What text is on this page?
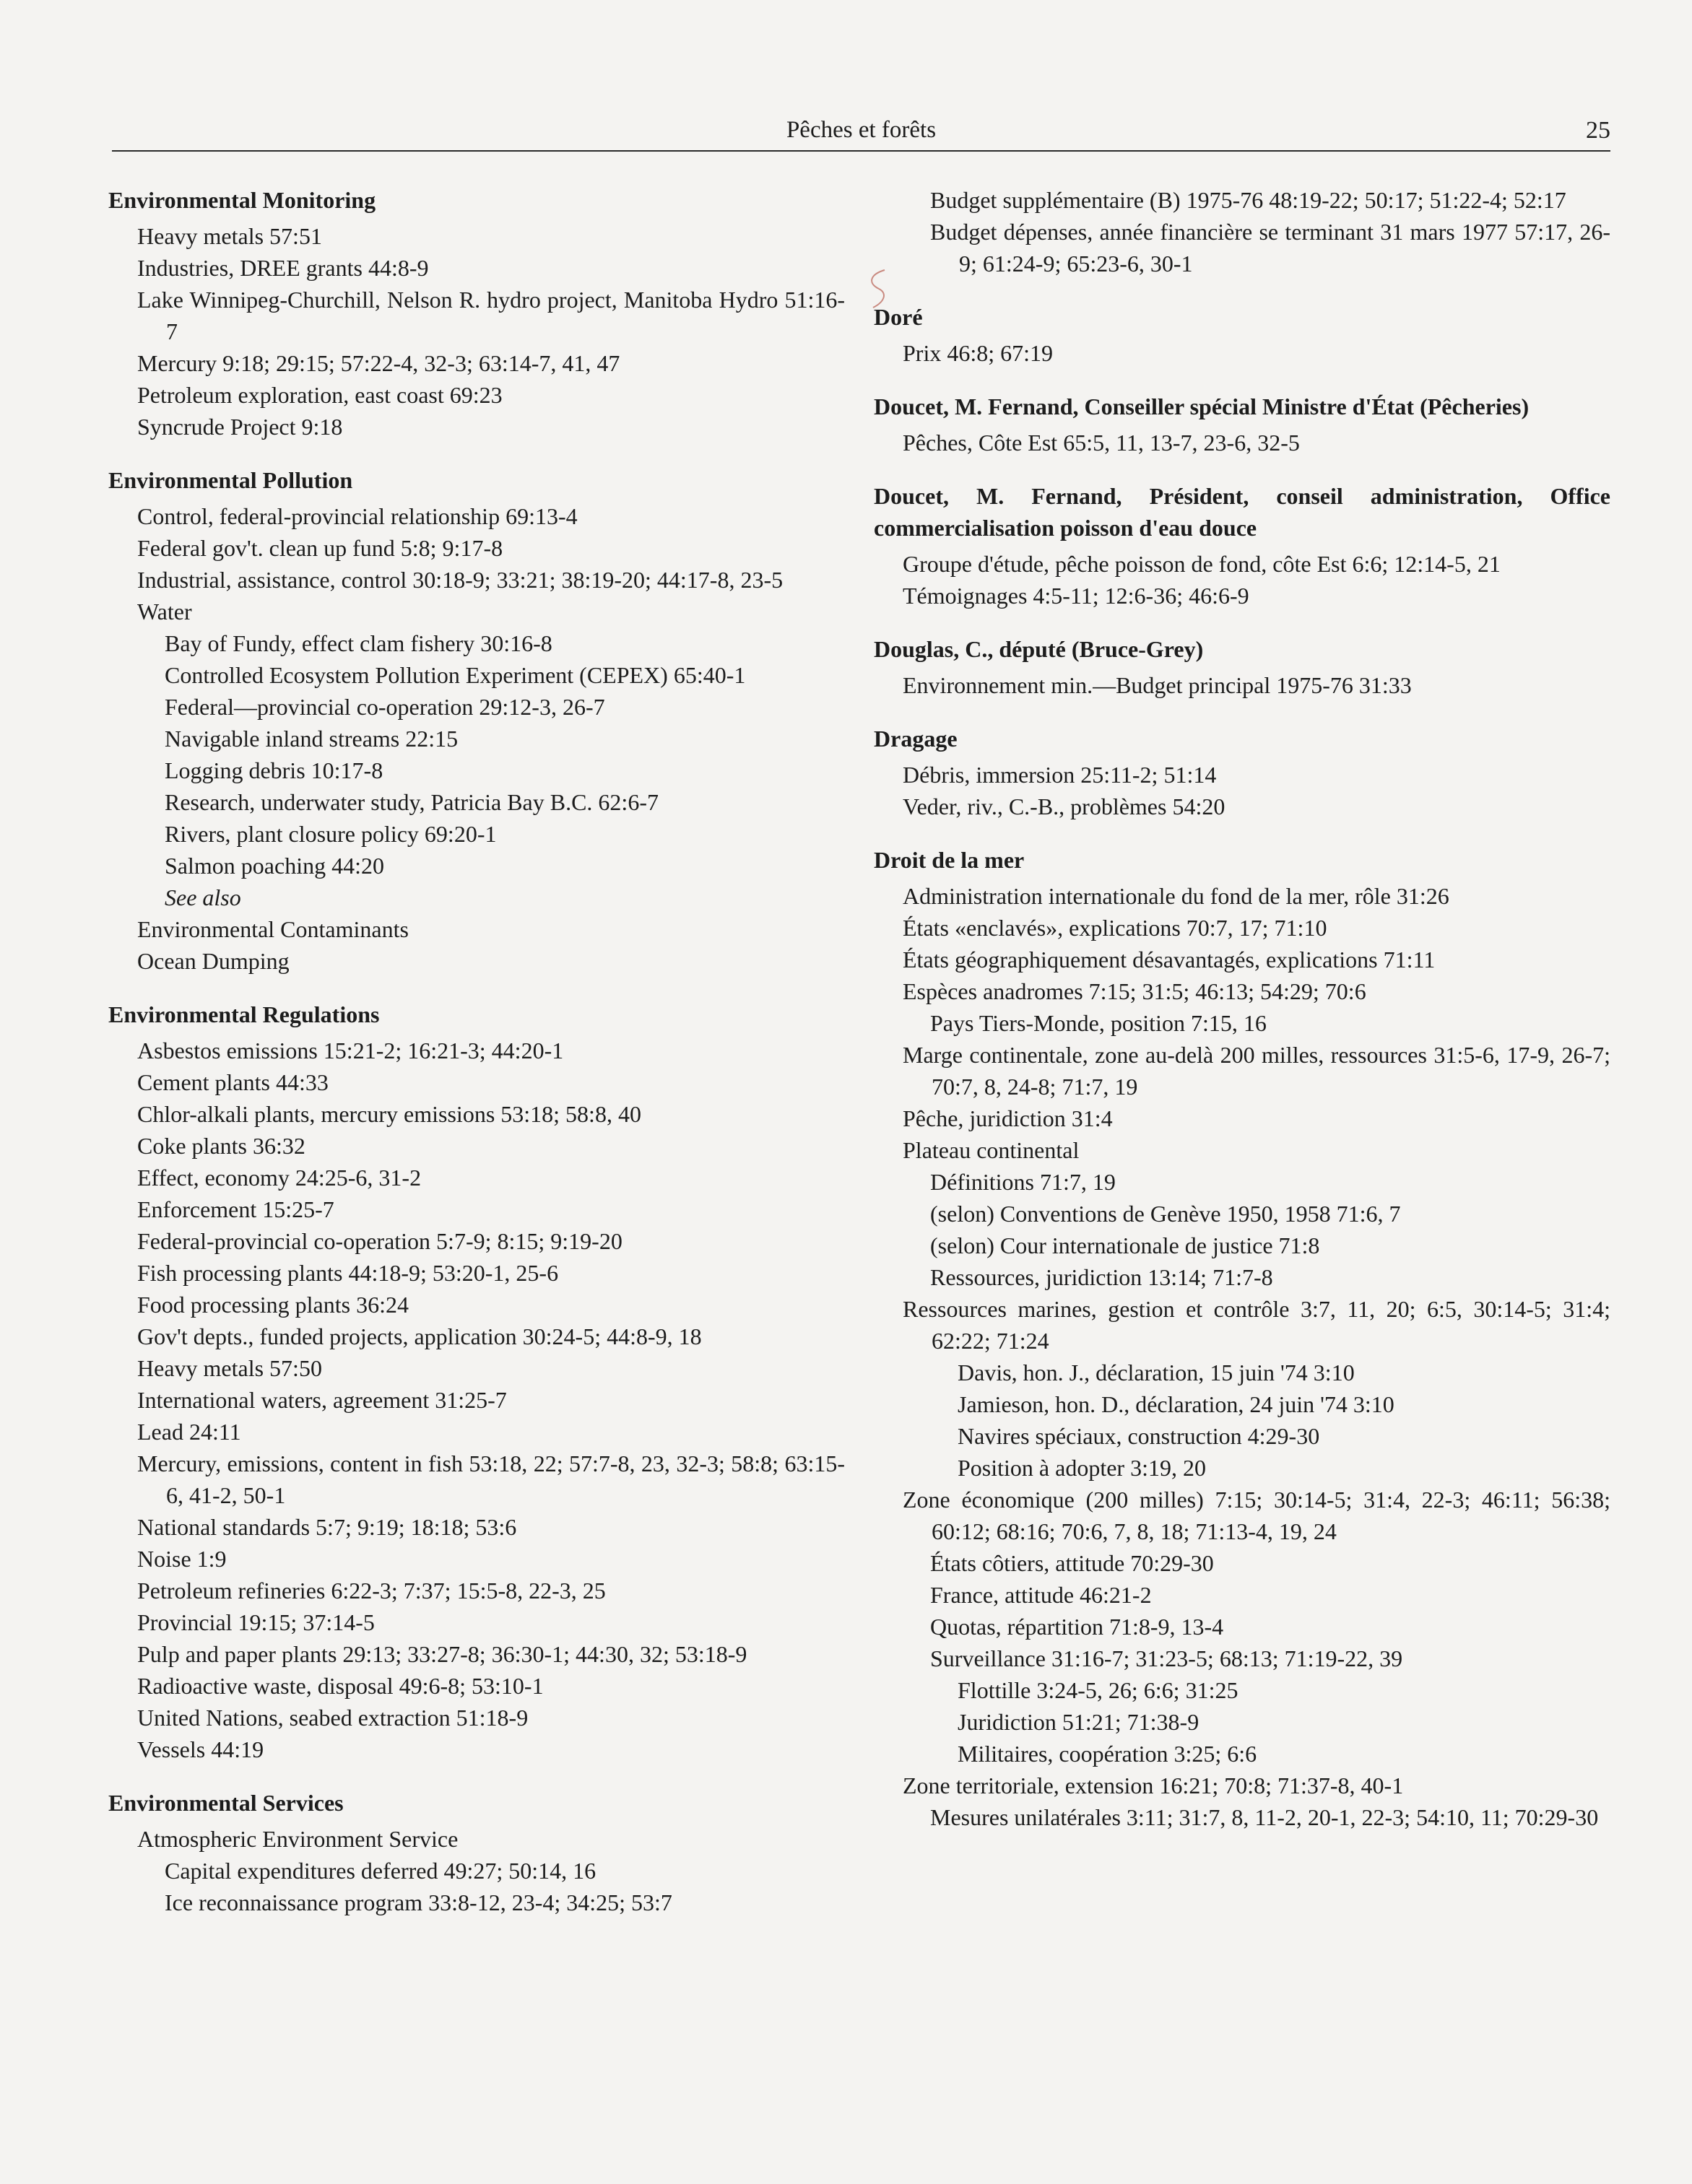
Pêches et forêts	25
Environmental Monitoring

Heavy metals 57:51

Industries, DREE grants 44:8-9

Lake Winnipeg-Churchill, Nelson R. hydro project, Manitoba Hydro 51:16-7

Mercury 9:18; 29:15; 57:22-4, 32-3; 63:14-7, 41, 47

Petroleum exploration, east coast 69:23

Syncrude Project 9:18

Environmental Pollution

Control, federal-provincial relationship 69:13-4

Federal gov't. clean up fund 5:8; 9:17-8

Industrial, assistance, control 30:18-9; 33:21; 38:19-20; 44:17-8, 23-5

Water

Bay of Fundy, effect clam fishery 30:16-8

Controlled Ecosystem Pollution Experiment (CEPEX) 65:40-1

Federal—provincial co-operation 29:12-3, 26-7

Navigable inland streams 22:15

Logging debris 10:17-8

Research, underwater study, Patricia Bay B.C. 62:6-7

Rivers, plant closure policy 69:20-1

Salmon poaching 44:20

See also

Environmental Contaminants

Ocean Dumping

Environmental Regulations

Asbestos emissions 15:21-2; 16:21-3; 44:20-1

Cement plants 44:33

Chlor-alkali plants, mercury emissions 53:18; 58:8, 40

Coke plants 36:32

Effect, economy 24:25-6, 31-2

Enforcement 15:25-7

Federal-provincial co-operation 5:7-9; 8:15; 9:19-20

Fish processing plants 44:18-9; 53:20-1, 25-6

Food processing plants 36:24

Gov't depts., funded projects, application 30:24-5; 44:8-9, 18

Heavy metals 57:50

International waters, agreement 31:25-7

Lead 24:11

Mercury, emissions, content in fish 53:18, 22; 57:7-8, 23, 32-3; 58:8; 63:15-6, 41-2, 50-1

National standards 5:7; 9:19; 18:18; 53:6

Noise 1:9

Petroleum refineries 6:22-3; 7:37; 15:5-8, 22-3, 25

Provincial 19:15; 37:14-5

Pulp and paper plants 29:13; 33:27-8; 36:30-1; 44:30, 32; 53:18-9

Radioactive waste, disposal 49:6-8; 53:10-1

United Nations, seabed extraction 51:18-9

Vessels 44:19

Environmental Services

Atmospheric Environment Service

Capital expenditures deferred 49:27; 50:14, 16

Ice reconnaissance program 33:8-12, 23-4; 34:25; 53:7

Budget supplémentaire (B) 1975-76 48:19-22; 50:17; 51:22-4; 52:17

Budget dépenses, année financière se terminant 31 mars 1977 57:17, 26-9; 61:24-9; 65:23-6, 30-1

Doré

Prix 46:8; 67:19

Doucet, M. Fernand, Conseiller spécial Ministre d'État (Pêcheries)

Pêches, Côte Est 65:5, 11, 13-7, 23-6, 32-5

Doucet, M. Fernand, Président, conseil administration, Office commercialisation poisson d'eau douce

Groupe d'étude, pêche poisson de fond, côte Est 6:6; 12:14-5, 21

Témoignages 4:5-11; 12:6-36; 46:6-9

Douglas, C., député (Bruce-Grey)

Environnement min.—Budget principal 1975-76 31:33

Dragage

Débris, immersion 25:11-2; 51:14

Veder, riv., C.-B., problèmes 54:20

Droit de la mer

Administration internationale du fond de la mer, rôle 31:26

États «enclavés», explications 70:7, 17; 71:10

États géographiquement désavantagés, explications 71:11

Espèces anadromes 7:15; 31:5; 46:13; 54:29; 70:6

Pays Tiers-Monde, position 7:15, 16

Marge continentale, zone au-delà 200 milles, ressources 31:5-6, 17-9, 26-7; 70:7, 8, 24-8; 71:7, 19

Pêche, juridiction 31:4

Plateau continental

Définitions 71:7, 19

(selon) Conventions de Genève 1950, 1958 71:6, 7

(selon) Cour internationale de justice 71:8

Ressources, juridiction 13:14; 71:7-8

Ressources marines, gestion et contrôle 3:7, 11, 20; 6:5, 30:14-5; 31:4; 62:22; 71:24

Davis, hon. J., déclaration, 15 juin '74 3:10

Jamieson, hon. D., déclaration, 24 juin '74 3:10

Navires spéciaux, construction 4:29-30

Position à adopter 3:19, 20

Zone économique (200 milles) 7:15; 30:14-5; 31:4, 22-3; 46:11; 56:38; 60:12; 68:16; 70:6, 7, 8, 18; 71:13-4, 19, 24

États côtiers, attitude 70:29-30

France, attitude 46:21-2

Quotas, répartition 71:8-9, 13-4

Surveillance 31:16-7; 31:23-5; 68:13; 71:19-22, 39

Flottille 3:24-5, 26; 6:6; 31:25

Juridiction 51:21; 71:38-9

Militaires, coopération 3:25; 6:6

Zone territoriale, extension 16:21; 70:8; 71:37-8, 40-1

Mesures unilatérales 3:11; 31:7, 8, 11-2, 20-1, 22-3; 54:10, 11; 70:29-30
